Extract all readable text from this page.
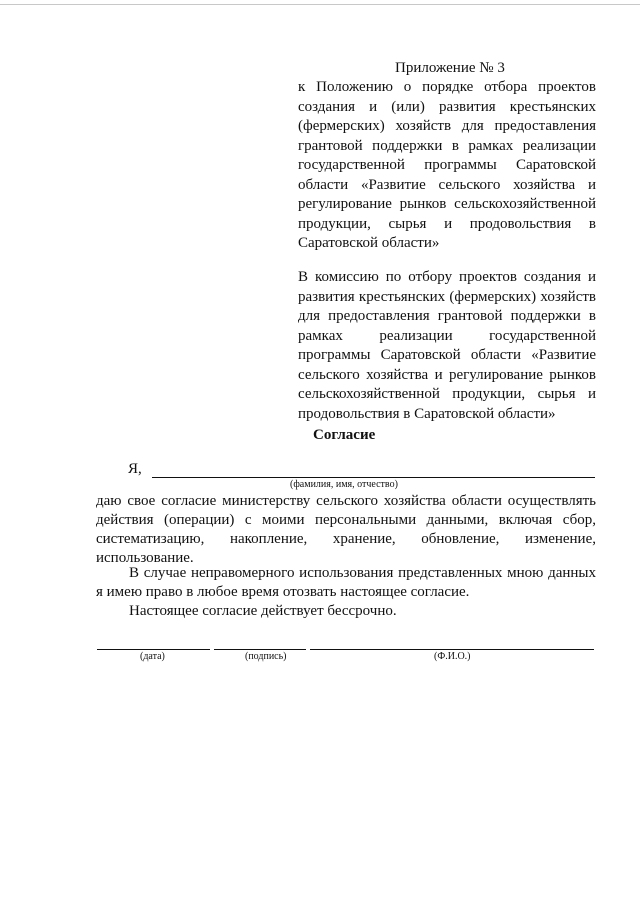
Приложение № 3
к Положению о порядке отбора проектов создания и (или) развития крестьянских (фермерских) хозяйств для предоставления грантовой поддержки в рамках реализации государственной программы Саратовской области «Развитие сельского хозяйства и регулирование рынков сельскохозяйственной продукции, сырья и продовольствия в Саратовской области»
В комиссию по отбору проектов создания и развития крестьянских (фермерских) хозяйств для предоставления грантовой поддержки в рамках реализации государственной программы Саратовской области «Развитие сельского хозяйства и регулирование рынков сельскохозяйственной продукции, сырья и продовольствия в Саратовской области»
Согласие
Я,
(фамилия, имя, отчество)
даю свое согласие министерству сельского хозяйства области осуществлять действия (операции) с моими персональными данными, включая сбор, систематизацию, накопление, хранение, обновление, изменение, использование.
В случае неправомерного использования представленных мною данных я имею право в любое время отозвать настоящее согласие.
Настоящее согласие действует бессрочно.
(дата)	(подпись)	(Ф.И.О.)
